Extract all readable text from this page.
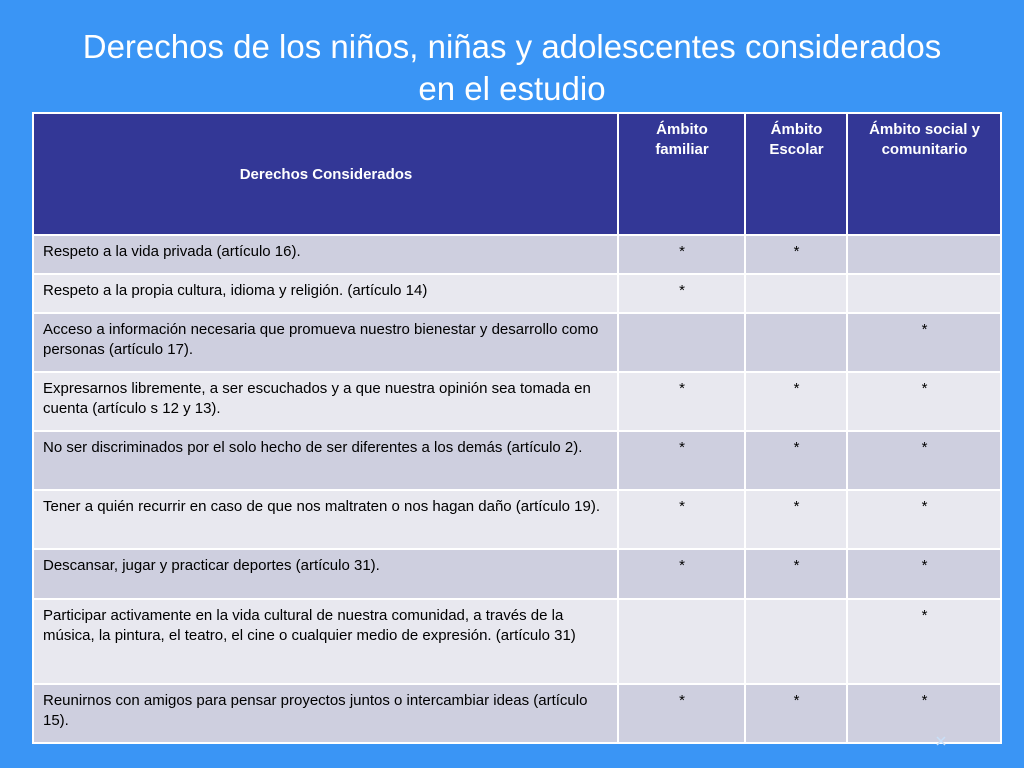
Derechos de los niños, niñas y adolescentes considerados
en el estudio
Derechos Considerados	Ámbito familiar	Ámbito Escolar	Ámbito social y comunitario
Respeto a la vida privada (artículo 16).	*	*	
Respeto a la propia cultura, idioma y religión. (artículo 14)	*		
Acceso a información necesaria que promueva nuestro bienestar y desarrollo como personas (artículo 17).			*
Expresarnos libremente, a ser escuchados y a que nuestra opinión sea tomada en cuenta (artículo s 12 y 13).	*	*	*
No ser discriminados por el solo hecho de ser diferentes a los demás (artículo 2).	*	*	*
Tener a quién recurrir en caso de que nos maltraten o nos hagan daño (artículo 19).	*	*	*
Descansar, jugar y practicar deportes (artículo 31).	*	*	*
Participar activamente en la vida cultural de nuestra comunidad, a través de la música, la pintura, el teatro, el cine o cualquier medio de expresión. (artículo 31)			*
Reunirnos con amigos para pensar proyectos juntos o intercambiar ideas (artículo 15).	*	*	*
